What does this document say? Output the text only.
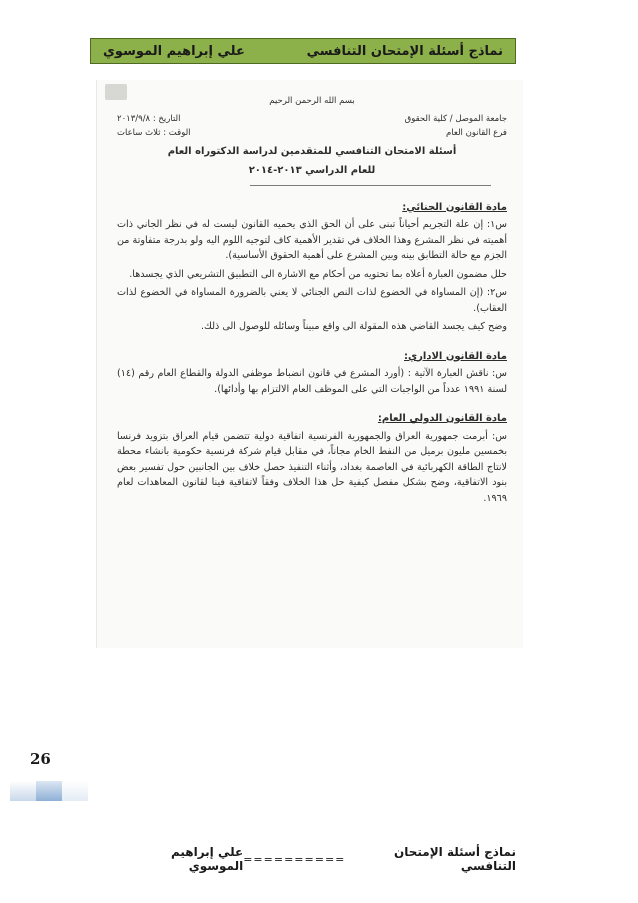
نماذج أسئلة الإمتحان التنافسي
علي إبراهيم الموسوي
بسم الله الرحمن الرحيم
جامعة الموصل / كلية الحقوق
التاريخ : ٢٠١٣/٩/٨
فرع القانون العام
الوقت : ثلاث ساعات
أسئلة الامتحان التنافسي للمتقدمين لدراسة الدكتوراه العام
للعام الدراسي ٢٠١٣-٢٠١٤
مادة القانون الجنائي:

س١: إن علة التجريم أحياناً تبنى على أن الحق الذي يحميه القانون ليست له في نظر الجاني ذات أهميته في نظر المشرع وهذا الخلاف في تقدير الأهمية كاف لتوجيه اللوم اليه ولو بدرجة متفاوتة من الجزم مع حالة التطابق بينه وبين المشرع على أهمية الحقوق الأساسية).

حلل مضمون العبارة أعلاه بما تحتويه من أحكام مع الاشارة الى التطبيق التشريعي الذي يجسدها.

س٢: (إن المساواة في الخضوع لذات النص الجنائي لا يعني بالضرورة المساواة في الخضوع لذات العقاب).

وضح كيف يجسد القاضي هذه المقولة الى واقع مبيناً وسائله للوصول الى ذلك.

مادة القانون الاداري:

س: ناقش العبارة الآتية : (أورد المشرع في قانون انضباط موظفي الدولة والقطاع العام رقم (١٤) لسنة ١٩٩١ عدداً من الواجبات التي على الموظف العام الالتزام بها وأدائها).

مادة القانون الدولي العام:

س: أبرمت جمهورية العراق والجمهورية الفرنسية اتفاقية دولية تتضمن قيام العراق بتزويد فرنسا بخمسين مليون برميل من النفط الخام مجاناً، في مقابل قيام شركة فرنسية حكومية بانشاء محطة لانتاج الطاقة الكهربائية في العاصمة بغداد، وأثناء التنفيذ حصل خلاف بين الجانبين حول تفسير بعض بنود الاتفاقية، وضح بشكل مفصل كيفية حل هذا الخلاف وفقاً لاتفاقية فينا لقانون المعاهدات لعام ١٩٦٩.

26
نماذج أسئلة الإمتحان التنافسي
==========
علي إبراهيم الموسوي
